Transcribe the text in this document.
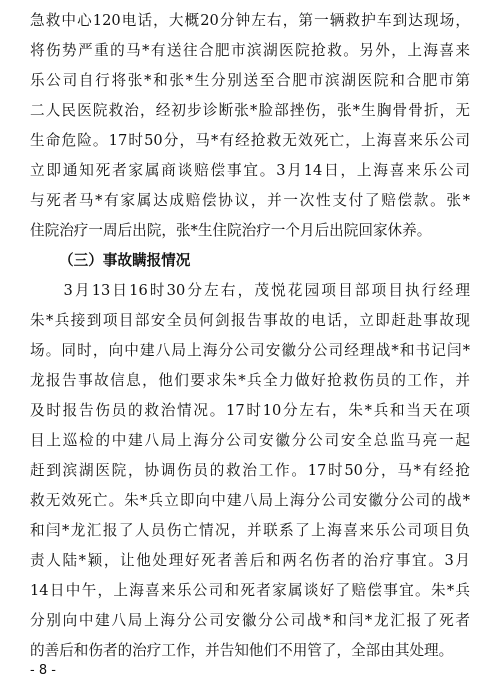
急救中心120电话，大概20分钟左右，第一辆救护车到达现场，
将伤势严重的马*有送往合肥市滨湖医院抢救。另外，上海喜来
乐公司自行将张*和张*生分别送至合肥市滨湖医院和合肥市第
二人民医院救治，经初步诊断张*脸部挫伤，张*生胸骨骨折，无
生命危险。17时50分，马*有经抢救无效死亡，上海喜来乐公司
立即通知死者家属商谈赔偿事宜。3月14日，上海喜来乐公司
与死者马*有家属达成赔偿协议，并一次性支付了赔偿款。张*
住院治疗一周后出院，张*生住院治疗一个月后出院回家休养。
（三）事故瞒报情况
　　3月13日16时30分左右，茂悦花园项目部项目执行经理
朱*兵接到项目部安全员何剑报告事故的电话，立即赶赴事故现
场。同时，向中建八局上海分公司安徽分公司经理战*和书记闫*
龙报告事故信息，他们要求朱*兵全力做好抢救伤员的工作，并
及时报告伤员的救治情况。17时10分左右，朱*兵和当天在项
目上巡检的中建八局上海分公司安徽分公司安全总监马亮一起
赶到滨湖医院，协调伤员的救治工作。17时50分，马*有经抢
救无效死亡。朱*兵立即向中建八局上海分公司安徽分公司的战*
和闫*龙汇报了人员伤亡情况，并联系了上海喜来乐公司项目负
责人陆*颖，让他处理好死者善后和两名伤者的治疗事宜。3月
14日中午，上海喜来乐公司和死者家属谈好了赔偿事宜。朱*兵
分别向中建八局上海分公司安徽分公司战*和闫*龙汇报了死者
的善后和伤者的治疗工作，并告知他们不用管了，全部由其处理。
- 8 -
